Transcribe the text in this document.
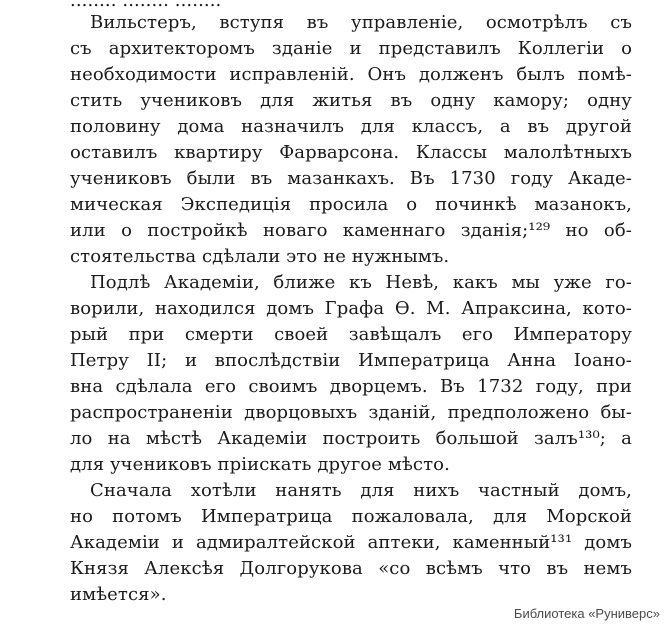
........ ........ ........
Вильстеръ, вступя въ управленіе, осмотрѣлъ съ
съ архитекторомъ зданіе и представилъ Коллегіи о
необходимости исправленій. Онъ долженъ былъ помѣ-
стить учениковъ для житья въ одну камору; одну
половину дома назначилъ для классъ, а въ другой
оставилъ квартиру Фарварсона. Классы малолѣтныхъ
учениковъ были въ мазанкахъ. Въ 1730 году Акаде-
мическая Экспедиція просила о починкѣ мазанокъ,
или о постройкѣ новаго каменнаго зданія;¹²⁹ но об-
стоятельства сдѣлали это не нужнымъ.
Подлѣ Академіи, ближе къ Невѣ, какъ мы уже го-
ворили, находился домъ Графа Ѳ. М. Апраксина, кото-
рый при смерти своей завѣщалъ его Императору
Петру II; и впослѣдствіи Императрица Анна Іоано-
вна сдѣлала его своимъ дворцемъ. Въ 1732 году, при
распространеніи дворцовыхъ зданій, предположено бы-
ло на мѣстѣ Академіи построить большой залъ¹³⁰; а
для учениковъ пріискать другое мѣсто.
Сначала хотѣли нанять для нихъ частный домъ,
но потомъ Императрица пожаловала, для Морской
Академіи и адмиралтейской аптеки, каменный¹³¹ домъ
Князя Алексѣя Долгорукова «со всѣмъ что въ немъ
имѣется».
Библиотека «Руниверс»
